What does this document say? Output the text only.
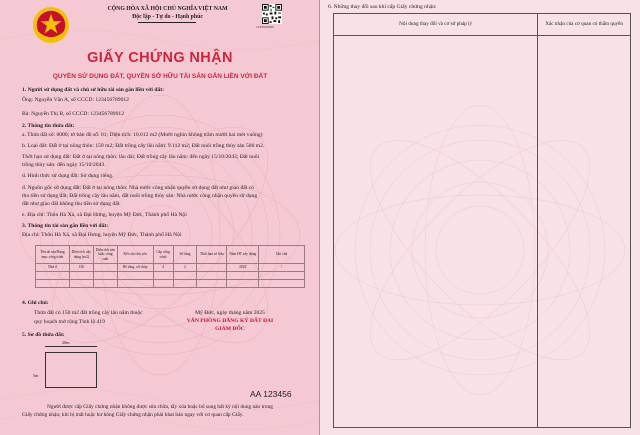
1234567890
CỘNG HÒA XÃ HỘI CHỦ NGHĨA VIỆT NAM
Độc lập - Tự do - Hạnh phúc
GIẤY CHỨNG NHẬN
QUYỀN SỬ DỤNG ĐẤT, QUYỀN SỞ HỮU TÀI SẢN GẮN LIỀN VỚI ĐẤT
1. Người sử dụng đất và chủ sở hữu tài sản gắn liền với đất:
Ông: Nguyễn Văn A, số CCCD: 123456789012
Bà: Nguyễn Thị B, số CCCD: 123456789012
2. Thông tin thửa đất:
a. Thửa đất số: 0000; tờ bản đồ số: 01; Diện tích: 10.012 m2 (Mười nghìn không trăm mười hai mét vuông)
b. Loại đất: Đất ở tại nông thôn: 150 m2; Đất trồng cây lâu năm: 9.112 m2; Đất nuôi trồng thủy sản 500 m2.
Thời hạn sử dụng đất: Đất ở tại nông thôn: lâu dài; Đất trồng cây lâu năm: đến ngày 15/10/2043; Đất nuôi
trồng thủy sản: đến ngày 15/10/2043.
d. Hình thức sử dụng đất: Sử dụng riêng.
đ. Nguồn gốc sử dụng đất: Đất ở tại nông thôn: Nhà nước công nhận quyền sử dụng đất như giao đất có
thu tiền sử dụng đất; Đất trồng cây lâu năm, đất nuôi trồng thủy sản: Nhà nước công nhận quyền sử dụng
đất như giao đất không thu tiền sử dụng đất.
e. Địa chỉ: Thôn Hà Xá, xã Đại Hưng, huyện Mỹ Đức, Thành phố Hà Nội
3. Thông tin tài sản gắn liền với đất:
Địa chỉ: Thôn Hà Xá, xã Đại Hưng, huyện Mỹ Đức, Thành phố Hà Nội
Tên tài sản/Hạng mục công trình	Diện tích xây dựng (m2)	Diện tích sàn hoặc công suất	Kết cấu chủ yếu	Cấp công trình	Số tầng	Thời hạn sở hữu	Năm HT xây dựng	Ghi chú
Nhà ở	150		Bê tông, cốt thép	4	2		2023	/

4. Ghi chú:
Thửa đất có 150 m2 đất trồng cây lâu năm thuộc
quy hoạch mở rộng Tỉnh lộ 419
Mỹ Đức, ngày tháng năm 2025
VĂN PHÒNG ĐĂNG KÝ ĐẤT ĐAI
GIÁM ĐỐC
5. Sơ đồ thửa đất:
20m
5m
AA 123456
Người được cấp Giấy chứng nhận không được sửa chữa, tẩy xóa hoặc bổ sung bất kỳ nội dung nào trong
Giấy chứng nhận; khi bị mất hoặc hư hỏng Giấy chứng nhận phải khai báo ngay với cơ quan cấp Giấy.
6. Những thay đổi sau khi cấp Giấy chứng nhận:
Nội dung thay đổi và cơ sở pháp lý	Xác nhận của cơ quan có thẩm quyền
